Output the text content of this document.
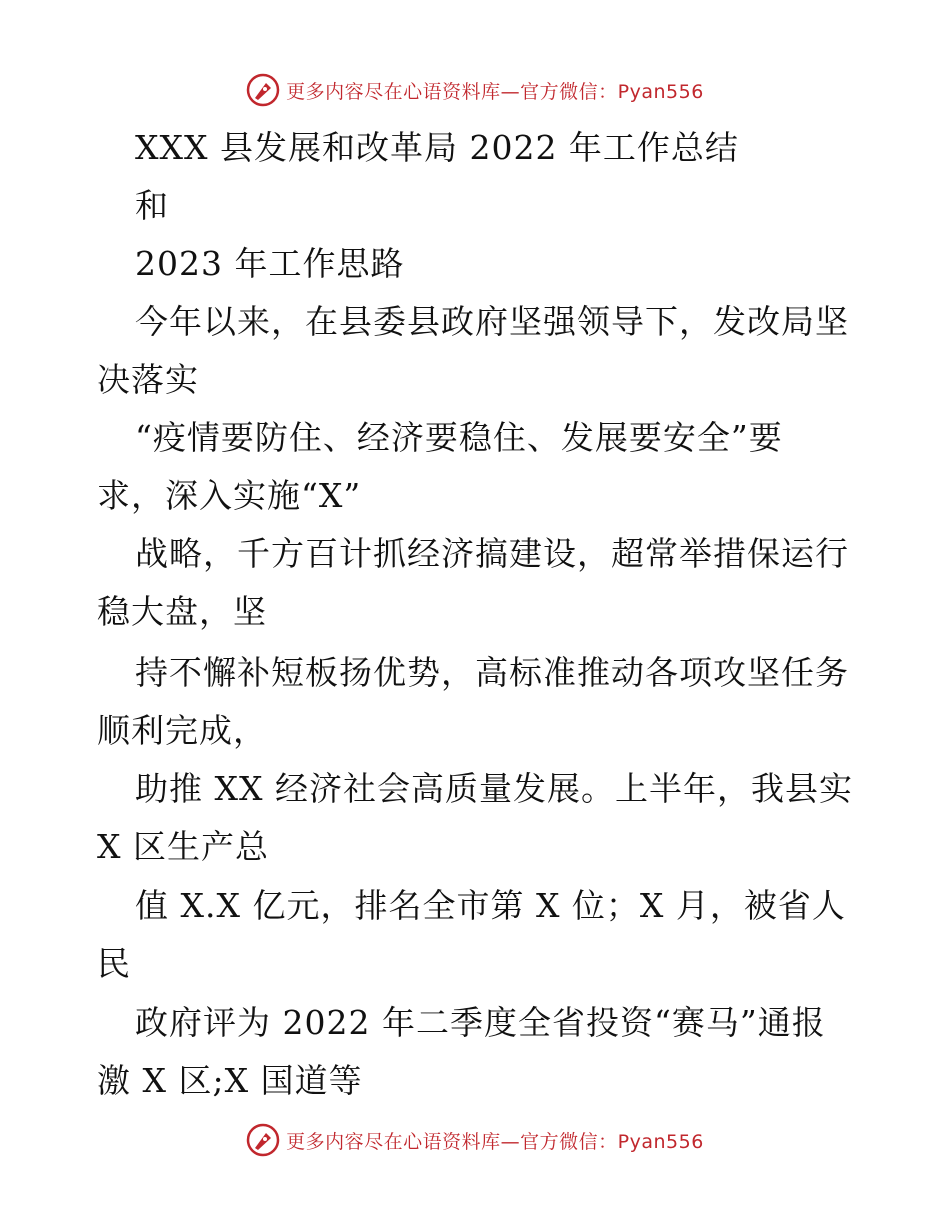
更多内容尽在心语资料库—官方微信：Pyan556
XXX 县发展和改革局 2022 年工作总结
和
2023 年工作思路
今年以来，在县委县政府坚强领导下，发改局坚
决落实
“疫情要防住、经济要稳住、发展要安全”要
求，深入实施“X”
战略，千方百计抓经济搞建设，超常举措保运行
稳大盘，坚
持不懈补短板扬优势，高标准推动各项攻坚任务
顺利完成，
助推 XX 经济社会高质量发展。上半年，我县实
X 区生产总
值 X.X 亿元，排名全市第 X 位；X 月，被省人
民
政府评为 2022 年二季度全省投资“赛马”通报
激 X 区;X 国道等
更多内容尽在心语资料库—官方微信：Pyan556
